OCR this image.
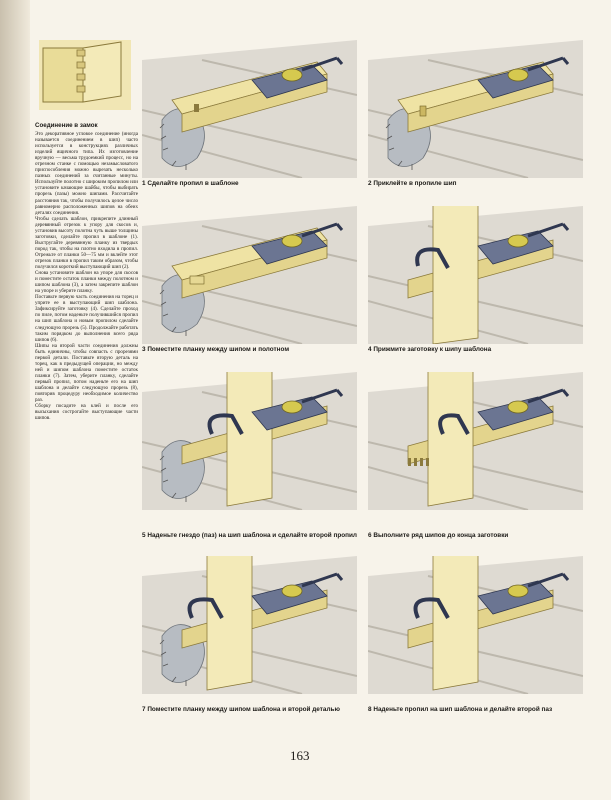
Соединение в замок
Это декоративное угловое соединение (иногда называется соединением в шип) часто используется в конструкциях различных изделий ящичного типа. Их изготовление вручную — весьма трудоемкий процесс, но на отрезном станке с помощью незамысловатого приспособления можно вырезать несколько пазных соединений за считанные минуты. Используйте полотно с широким пропилом или установите качающие шайбы, чтобы выбирать прорезь (пазы) можно шипами. Рассчитайте расстояния так, чтобы получилось целое число равномерно расположенных шипов на обеих деталях соединения.
Чтобы сделать шаблон, прикрепите длинный деревянный отрезок к упору для скосов и, установив высоту полотна чуть выше толщины заготовки, сделайте пропил в шаблоне (1). Выстругайте деревянную планку из твердых пород так, чтобы на плотно входила в пропил. Отрежьте от планки 50—75 мм и вклейте этот отрезок планки в пропил таким образом, чтобы получился короткий выступающий шип (2).
Снова установите шаблон на упоре для скосов и поместите остаток планки между полотном и шипом шаблона (3), а затем закрепите шаблон на упоре и уберите планку.
Поставьте первую часть соединения на торец и уприте ее в выступающий шип шаблона. Зафиксируйте заготовку (4). Сделайте проход по пиле, потом наденьте получившийся пропил на шип шаблона и новым пропилом сделайте следующую прорезь (5). Продолжайте работать таким порядком до выполнения всего ряда шипов (6).
Шипы на второй части соединения должны быть единичны, чтобы совпасть с прорезями первой детали. Поставьте вторую деталь на торец, как в предыдущей операции, но между ней и шипом шаблона поместите остаток планки (7). Затем, уберите планку, сделайте первый пропил, потом наденьте его на шип шаблона и делайте следующую прорезь (8), повторив процедуру необходимое количество раз.
Сборку посадите на клей и после его высыхания сострогайте выступающие части шипов.
1 Сделайте пропил в шаблоне	2 Приклейте в пропиле шип
3 Поместите планку между шипом и полотном	4 Прижмите заготовку к шипу шаблона
5 Наденьте гнездо (паз) на шип шаблона и сделайте второй пропил 6 Выполните ряд шипов до конца заготовки
7 Поместите планку между шипом шаблона и второй деталью	8 Наденьте пропил на шип шаблона и делайте второй паз
163
